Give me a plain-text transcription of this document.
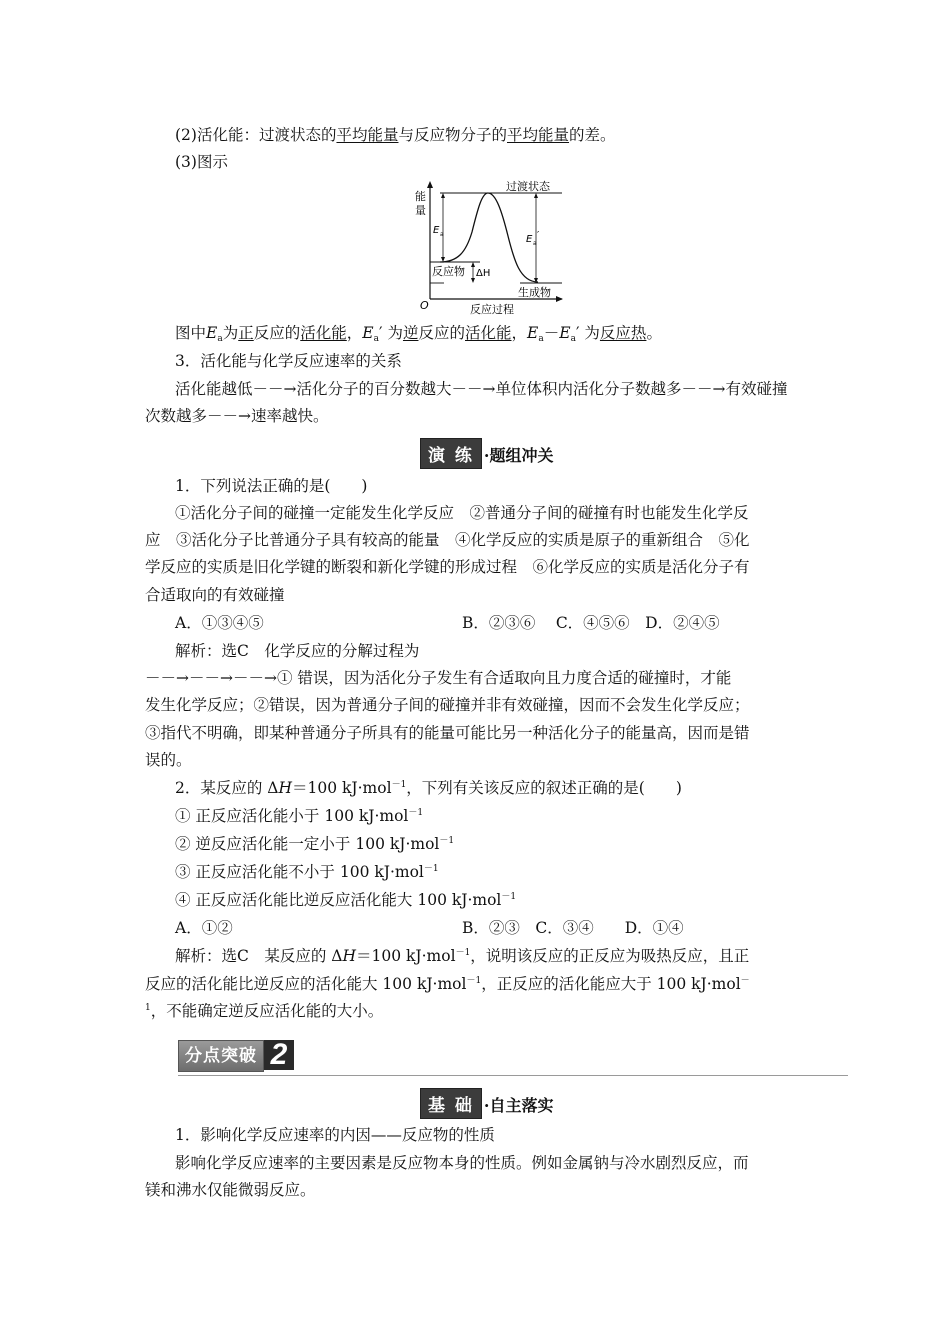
(2)活化能：过渡状态的平均能量与反应物分子的平均能量的差。
(3)图示
能
量
过渡状态
E a	E a
′
反应物 ΔH
生成物
O	反应过程
图中$E_a$为正反应的活化能，$E_a'$ 为逆反应的活化能，$E_a-E_a'$ 为反应热。
3．活化能与化学反应速率的关系
活化能越低－－→活化分子的百分数越大－－→单位体积内活化分子数越多－－→有效碰撞
次数越多－－→速率越快。
演 练 ·题组冲关
1．下列说法正确的是(　　)
①活化分子间的碰撞一定能发生化学反应　②普通分子间的碰撞有时也能发生化学反
应　③活化分子比普通分子具有较高的能量　④化学反应的实质是原子的重新组合　⑤化
学反应的实质是旧化学键的断裂和新化学键的形成过程　⑥化学反应的实质是活化分子有
合适取向的有效碰撞
A．①③④⑤	B．②③⑥　 C．④⑤⑥　D．②④⑤
解析：选C　化学反应的分解过程为
－－→－－→－－→① 错误，因为活化分子发生有合适取向且力度合适的碰撞时，才能
发生化学反应；②错误，因为普通分子间的碰撞并非有效碰撞，因而不会发生化学反应；
③指代不明确，即某种普通分子所具有的能量可能比另一种活化分子的能量高，因而是错
误的。
2．某反应的 ΔH＝100 kJ·mol$^{-1}$，下列有关该反应的叙述正确的是(　　)
① 正反应活化能小于 100 kJ·mol$^{-1}$
② 逆反应活化能一定小于 100 kJ·mol$^{-1}$
③ 正反应活化能不小于 100 kJ·mol$^{-1}$
④ 正反应活化能比逆反应活化能大 100 kJ·mol$^{-1}$
A．①②	B．②③　C．③④　　D．①④
解析：选C　某反应的 ΔH＝100 kJ·mol$^{-1}$，说明该反应的正反应为吸热反应，且正
反应的活化能比逆反应的活化能大 100 kJ·mol$^{-1}$，正反应的活化能应大于 100 kJ·mol－
$^1$，不能确定逆反应活化能的大小。
分点突破 2
基 础 ·自主落实
1．影响化学反应速率的内因——反应物的性质
影响化学反应速率的主要因素是反应物本身的性质。例如金属钠与冷水剧烈反应，而
镁和沸水仅能微弱反应。
